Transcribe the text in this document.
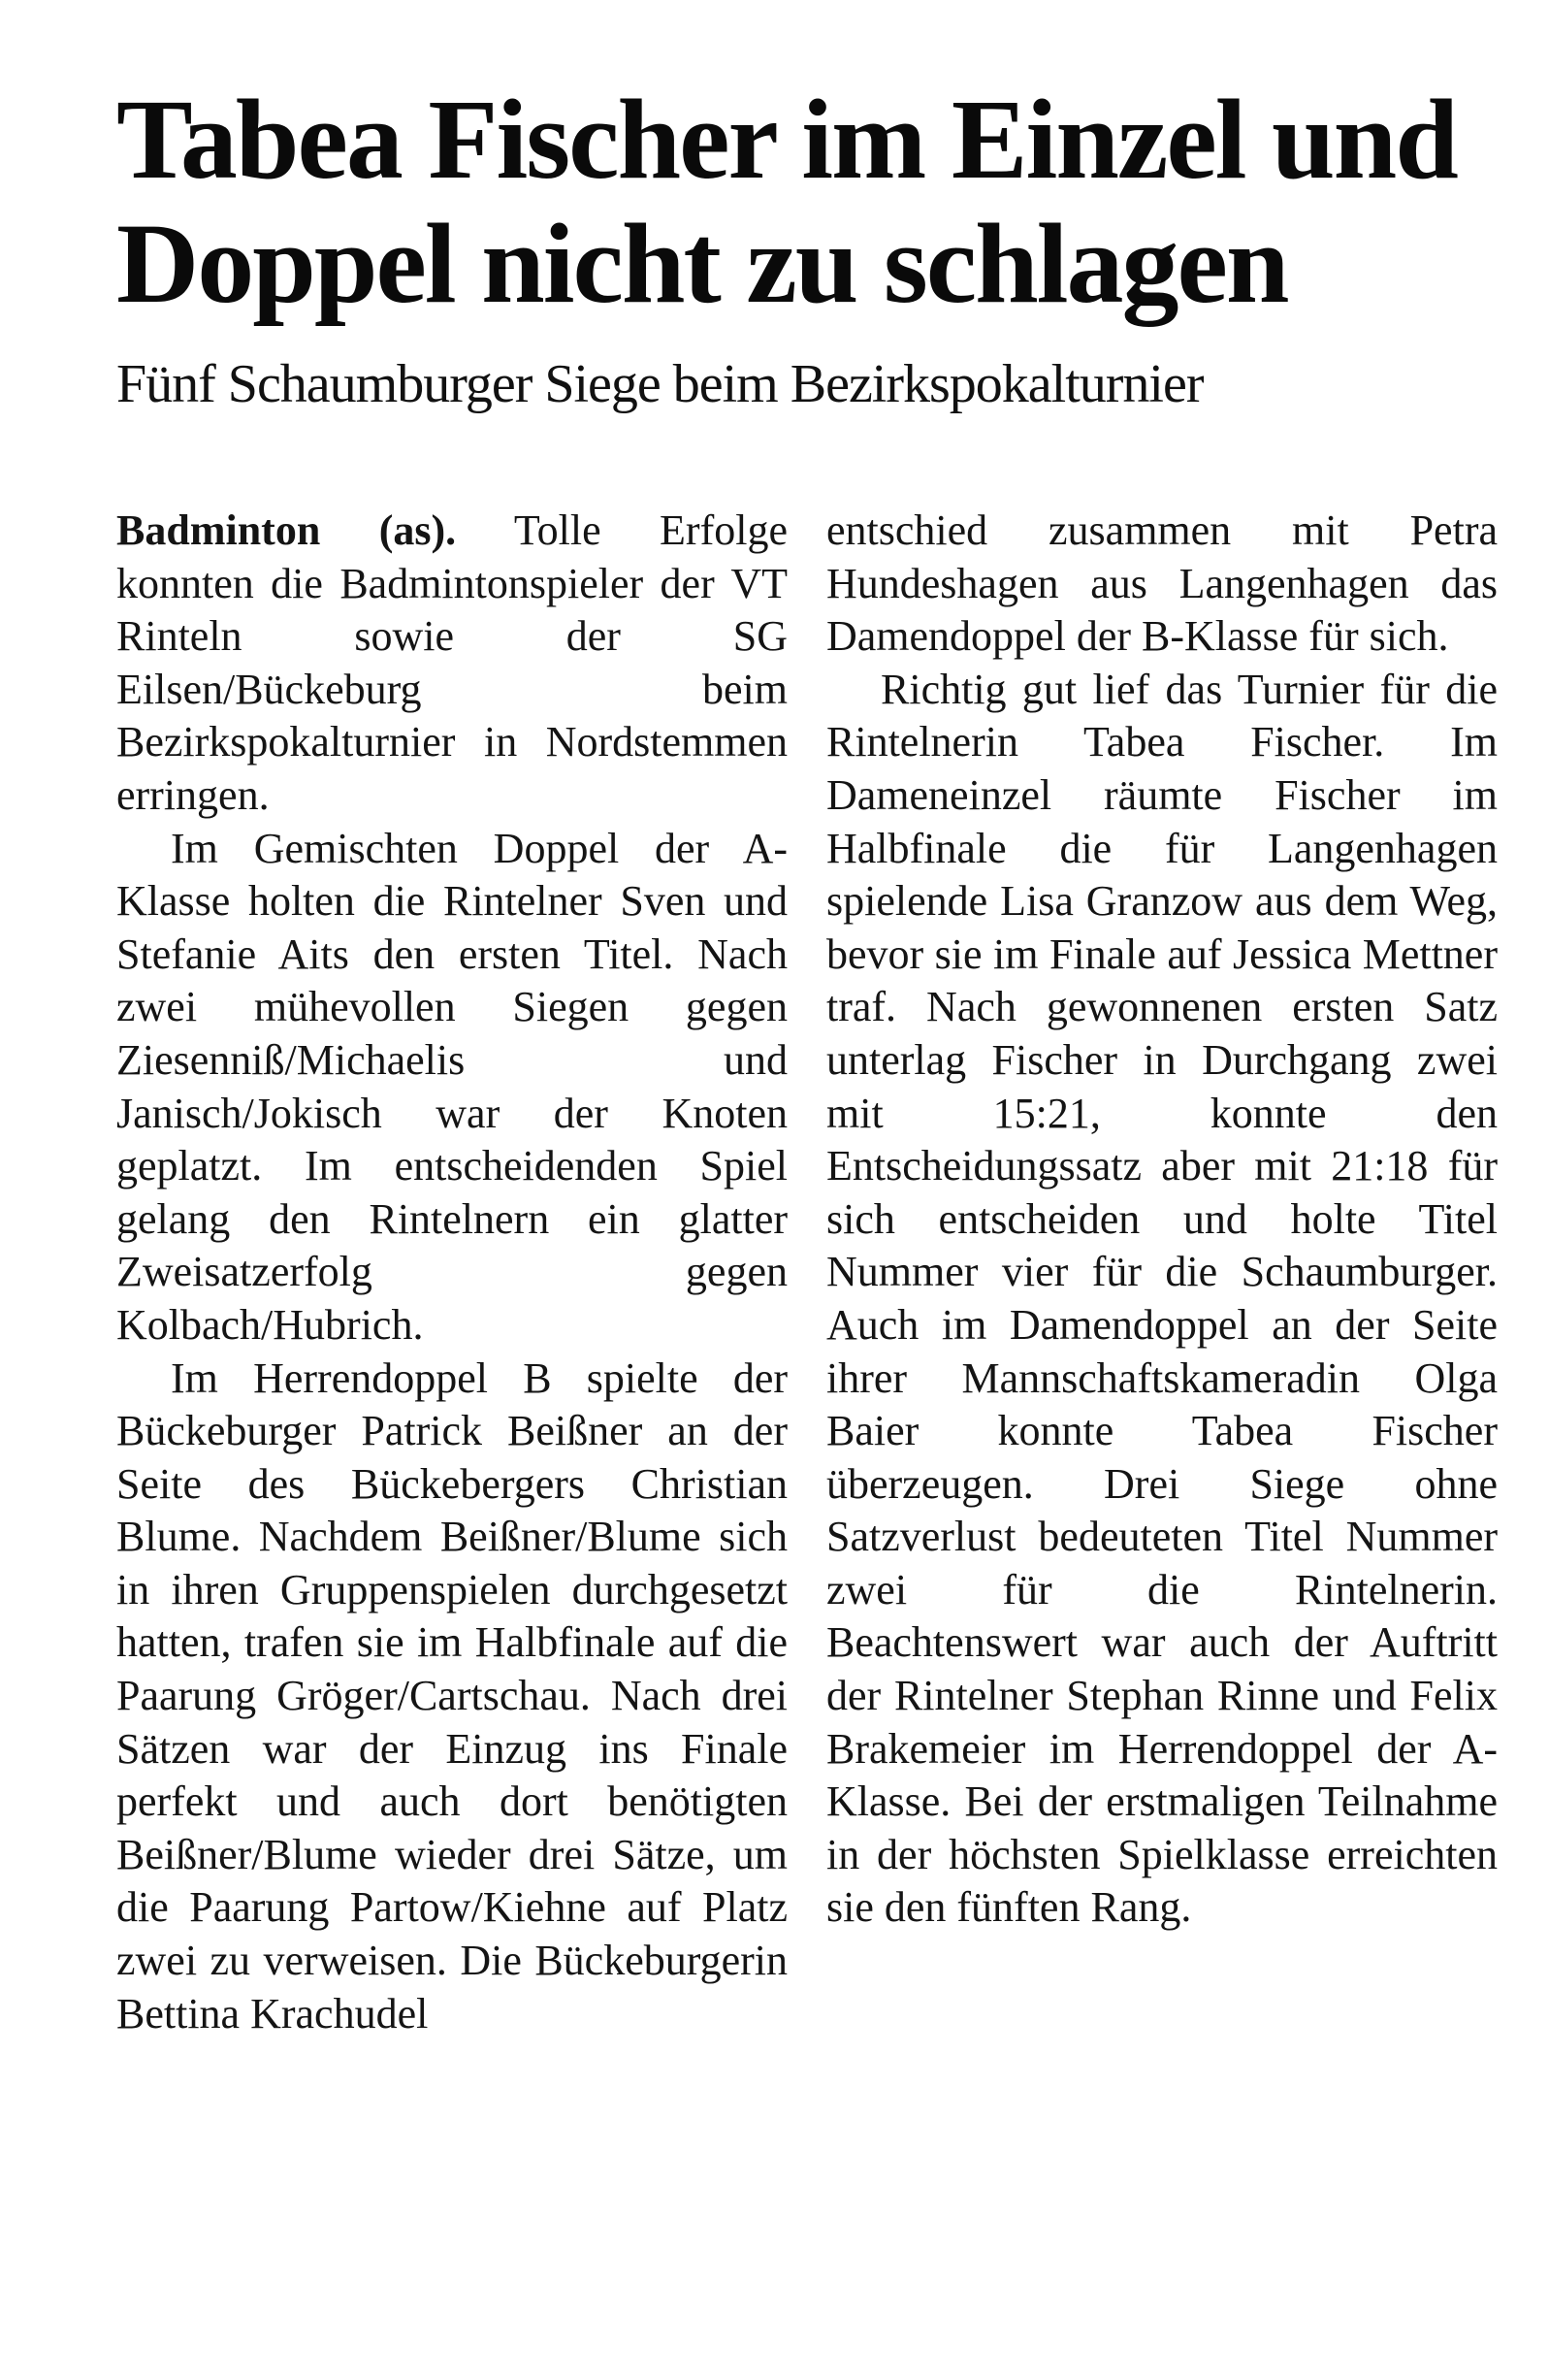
Tabea Fischer im Einzel und
Doppel nicht zu schlagen
Fünf Schaumburger Siege beim Bezirkspokalturnier

Badminton (as). Tolle Erfolge konnten die Badmintonspieler der VT Rinteln sowie der SG Eilsen/Bückeburg beim Bezirkspokalturnier in Nordstemmen erringen.

Im Gemischten Doppel der A-Klasse holten die Rintelner Sven und Stefanie Aits den ersten Titel. Nach zwei mühevollen Siegen gegen Ziesenniß/Michaelis und Janisch/Jokisch war der Knoten geplatzt. Im entscheidenden Spiel gelang den Rintelnern ein glatter Zweisatzerfolg gegen Kolbach/Hubrich.

Im Herrendoppel B spielte der Bückeburger Patrick Beißner an der Seite des Bückebergers Christian Blume. Nachdem Beißner/Blume sich in ihren Gruppenspielen durchgesetzt hatten, trafen sie im Halbfinale auf die Paarung Gröger/Cartschau. Nach drei Sätzen war der Einzug ins Finale perfekt und auch dort benötigten Beißner/Blume wieder drei Sätze, um die Paarung Partow/Kiehne auf Platz zwei zu verweisen. Die Bückeburgerin Bettina Krachudel

entschied zusammen mit Petra Hundeshagen aus Langenhagen das Damendoppel der B-Klasse für sich.

Richtig gut lief das Turnier für die Rintelnerin Tabea Fischer. Im Dameneinzel räumte Fischer im Halbfinale die für Langenhagen spielende Lisa Granzow aus dem Weg, bevor sie im Finale auf Jessica Mettner traf. Nach gewonnenen ersten Satz unterlag Fischer in Durchgang zwei mit 15:21, konnte den Entscheidungssatz aber mit 21:18 für sich entscheiden und holte Titel Nummer vier für die Schaumburger. Auch im Damendoppel an der Seite ihrer Mannschaftskameradin Olga Baier konnte Tabea Fischer überzeugen. Drei Siege ohne Satzverlust bedeuteten Titel Nummer zwei für die Rintelnerin. Beachtenswert war auch der Auftritt der Rintelner Stephan Rinne und Felix Brakemeier im Herrendoppel der A-Klasse. Bei der erstmaligen Teilnahme in der höchsten Spielklasse erreichten sie den fünften Rang.
